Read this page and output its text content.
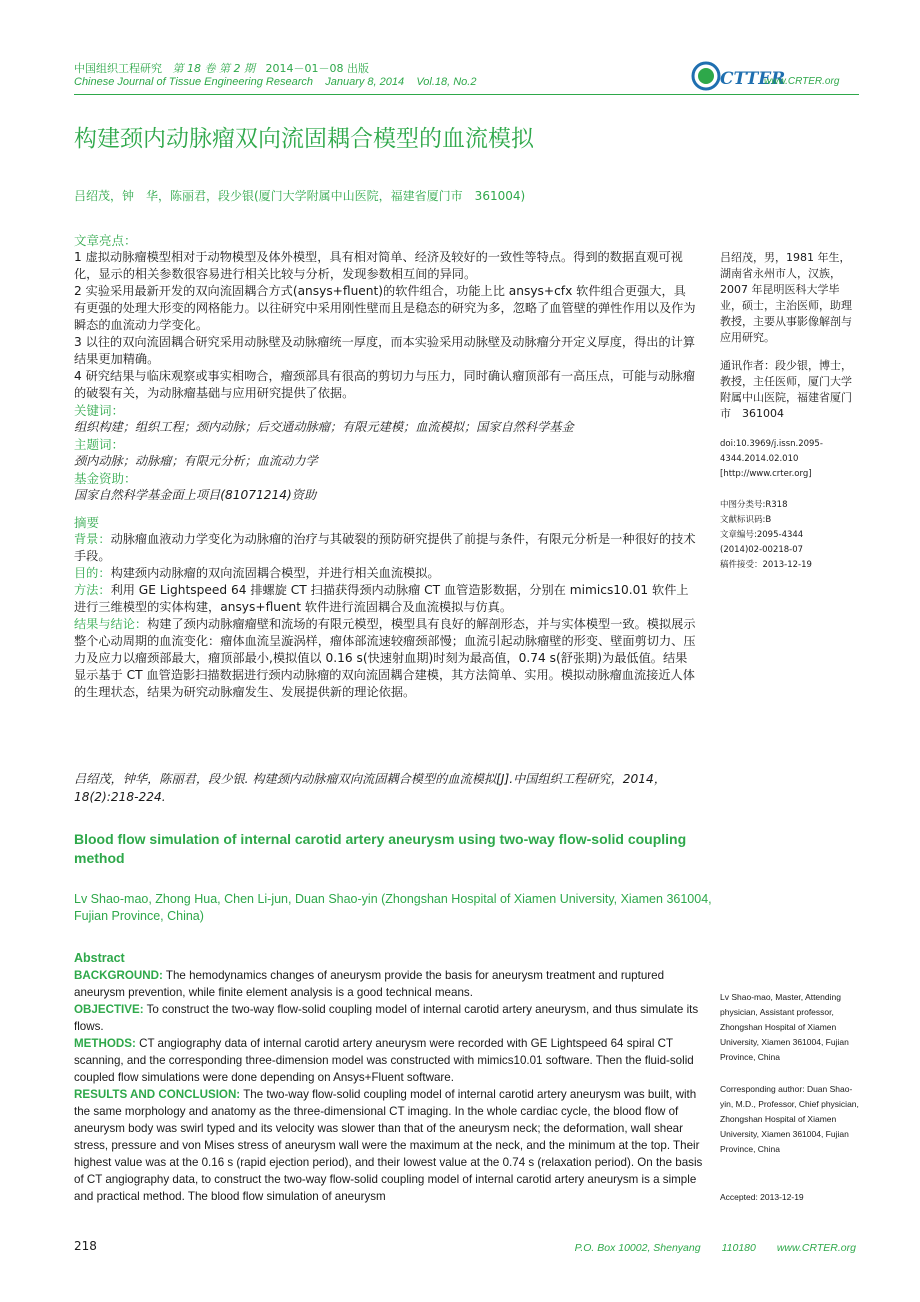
中国组织工程研究 第 18 卷 第 2 期 2014－01－08 出版
Chinese Journal of Tissue Engineering Research January 8, 2014 Vol.18, No.2	CTTER
www.CRTER.org
构建颈内动脉瘤双向流固耦合模型的血流模拟
吕绍茂，钟　华，陈丽君，段少银(厦门大学附属中山医院，福建省厦门市　361004)

文章亮点：

1 虚拟动脉瘤模型相对于动物模型及体外模型，具有相对简单、经济及较好的一致性等特点。得到的数据直观可视化，显示的相关参数很容易进行相关比较与分析，发现参数相互间的异同。

2 实验采用最新开发的双向流固耦合方式(ansys+fluent)的软件组合，功能上比 ansys+cfx 软件组合更强大，具有更强的处理大形变的网格能力。以往研究中采用刚性壁而且是稳态的研究为多，忽略了血管壁的弹性作用以及作为瞬态的血流动力学变化。

3 以往的双向流固耦合研究采用动脉壁及动脉瘤统一厚度，而本实验采用动脉壁及动脉瘤分开定义厚度，得出的计算结果更加精确。

4 研究结果与临床观察或事实相吻合，瘤颈部具有很高的剪切力与压力，同时确认瘤顶部有一高压点，可能与动脉瘤的破裂有关，为动脉瘤基础与应用研究提供了依据。

关键词：

组织构建；组织工程；颈内动脉；后交通动脉瘤；有限元建模；血流模拟；国家自然科学基金

主题词：

颈内动脉；动脉瘤；有限元分析；血流动力学

基金资助：

国家自然科学基金面上项目(81071214)资助

摘要

背景：动脉瘤血液动力学变化为动脉瘤的治疗与其破裂的预防研究提供了前提与条件，有限元分析是一种很好的技术手段。

目的：构建颈内动脉瘤的双向流固耦合模型，并进行相关血流模拟。

方法：利用 GE Lightspeed 64 排螺旋 CT 扫描获得颈内动脉瘤 CT 血管造影数据，分别在 mimics10.01 软件上进行三维模型的实体构建，ansys+fluent 软件进行流固耦合及血流模拟与仿真。

结果与结论：构建了颈内动脉瘤瘤壁和流场的有限元模型，模型具有良好的解剖形态，并与实体模型一致。模拟展示整个心动周期的血流变化：瘤体血流呈漩涡样，瘤体部流速较瘤颈部慢；血流引起动脉瘤壁的形变、壁面剪切力、压力及应力以瘤颈部最大，瘤顶部最小,模拟值以 0.16 s(快速射血期)时刻为最高值，0.74 s(舒张期)为最低值。结果显示基于 CT 血管造影扫描数据进行颈内动脉瘤的双向流固耦合建模，其方法简单、实用。模拟动脉瘤血流接近人体的生理状态，结果为研究动脉瘤发生、发展提供新的理论依据。

吕绍茂，钟华，陈丽君，段少银. 构建颈内动脉瘤双向流固耦合模型的血流模拟[J].中国组织工程研究，2014，18(2):218-224.
Blood flow simulation of internal carotid artery aneurysm using two-way flow-solid coupling method
Lv Shao-mao, Zhong Hua, Chen Li-jun, Duan Shao-yin (Zhongshan Hospital of Xiamen University, Xiamen 361004, Fujian Province, China)

Abstract

BACKGROUND: The hemodynamics changes of aneurysm provide the basis for aneurysm treatment and ruptured aneurysm prevention, while finite element analysis is a good technical means.

OBJECTIVE: To construct the two-way flow-solid coupling model of internal carotid artery aneurysm, and thus simulate its flows.

METHODS: CT angiography data of internal carotid artery aneurysm were recorded with GE Lightspeed 64 spiral CT scanning, and the corresponding three-dimension model was constructed with mimics10.01 software. Then the fluid-solid coupled flow simulations were done depending on Ansys+Fluent software.

RESULTS AND CONCLUSION: The two-way flow-solid coupling model of internal carotid artery aneurysm was built, with the same morphology and anatomy as the three-dimensional CT imaging. In the whole cardiac cycle, the blood flow of aneurysm body was swirl typed and its velocity was slower than that of the aneurysm neck; the deformation, wall shear stress, pressure and von Mises stress of aneurysm wall were the maximum at the neck, and the minimum at the top. Their highest value was at the 0.16 s (rapid ejection period), and their lowest value at the 0.74 s (relaxation period). On the basis of CT angiography data, to construct the two-way flow-solid coupling model of internal carotid artery aneurysm is a simple and practical method. The blood flow simulation of aneurysm

吕绍茂，男，1981 年生，湖南省永州市人，汉族，2007 年昆明医科大学毕业，硕士，主治医师，助理教授，主要从事影像解剖与应用研究。
通讯作者：段少银，博士，教授，主任医师，厦门大学附属中山医院，福建省厦门市　361004

doi:10.3969/j.issn.2095-4344.2014.02.010

[http://www.crter.org]

中图分类号:R318

文献标识码:B

文章编号:2095-4344

(2014)02-00218-07

稿件接受：2013-12-19

Lv Shao-mao, Master, Attending physician, Assistant professor, Zhongshan Hospital of Xiamen University, Xiamen 361004, Fujian Province, China
Corresponding author: Duan Shao-yin, M.D., Professor, Chief physician, Zhongshan Hospital of Xiamen University, Xiamen 361004, Fujian Province, China
Accepted: 2013-12-19
218	P.O. Box 10002, Shenyang　　110180　　www.CRTER.org
